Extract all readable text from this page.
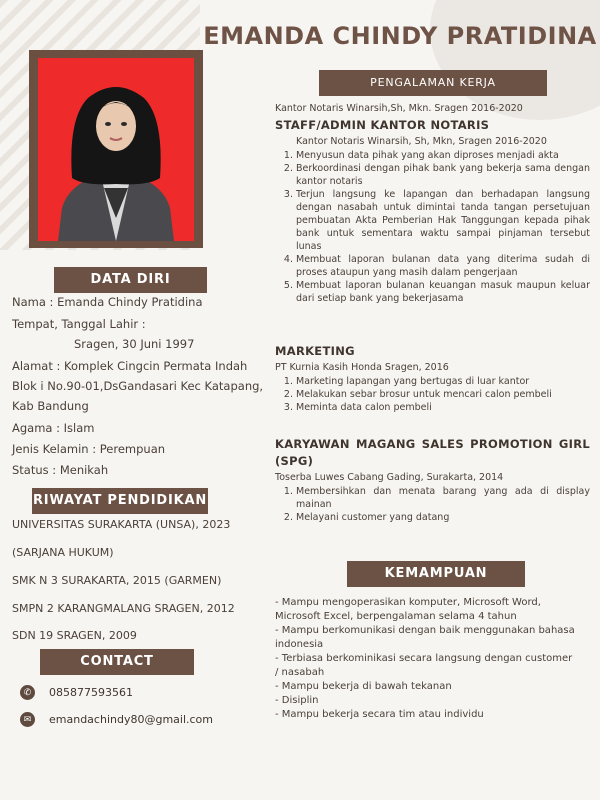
EMANDA CHINDY PRATIDINA
DATA DIRI
Nama : Emanda Chindy Pratidina
Tempat, Tanggal Lahir :
Sragen, 30 Juni 1997
Alamat : Komplek Cingcin Permata Indah
Blok i No.90-01,DsGandasari Kec Katapang,
Kab Bandung
Agama : Islam
Jenis Kelamin : Perempuan
Status : Menikah
RIWAYAT PENDIDIKAN
UNIVERSITAS SURAKARTA (UNSA), 2023
(SARJANA HUKUM)
SMK N 3 SURAKARTA, 2015 (GARMEN)
SMPN 2 KARANGMALANG SRAGEN, 2012
SDN 19 SRAGEN, 2009
CONTACT
✆	085877593561
✉	emandachindy80@gmail.com
PENGALAMAN KERJA
Kantor Notaris Winarsih,Sh, Mkn. Sragen 2016-2020
STAFF/ADMIN KANTOR NOTARIS
Kantor Notaris Winarsih, Sh, Mkn, Sragen 2016-2020
1. Menyusun data pihak yang akan diproses menjadi akta
2. Berkoordinasi dengan pihak bank yang bekerja sama dengan kantor notaris
3. Terjun langsung ke lapangan dan berhadapan langsung dengan nasabah untuk dimintai tanda tangan persetujuan pembuatan Akta Pemberian Hak Tanggungan kepada pihak bank untuk sementara waktu sampai pinjaman tersebut lunas
4. Membuat laporan bulanan data yang diterima sudah di proses ataupun yang masih dalam pengerjaan
5. Membuat laporan bulanan keuangan masuk maupun keluar dari setiap bank yang bekerjasama
MARKETING
PT Kurnia Kasih Honda Sragen, 2016
1. Marketing lapangan yang bertugas di luar kantor
2. Melakukan sebar brosur untuk mencari calon pembeli
3. Meminta data calon pembeli
KARYAWAN MAGANG SALES PROMOTION GIRL (SPG)
Toserba Luwes Cabang Gading, Surakarta, 2014
1. Membersihkan dan menata barang yang ada di display mainan
2. Melayani customer yang datang
KEMAMPUAN
- Mampu mengoperasikan komputer, Microsoft Word, Microsoft Excel, berpengalaman selama 4 tahun
- Mampu berkomunikasi dengan baik menggunakan bahasa indonesia
- Terbiasa berkominikasi secara langsung dengan customer / nasabah
- Mampu bekerja di bawah tekanan
- Disiplin
- Mampu bekerja secara tim atau individu
